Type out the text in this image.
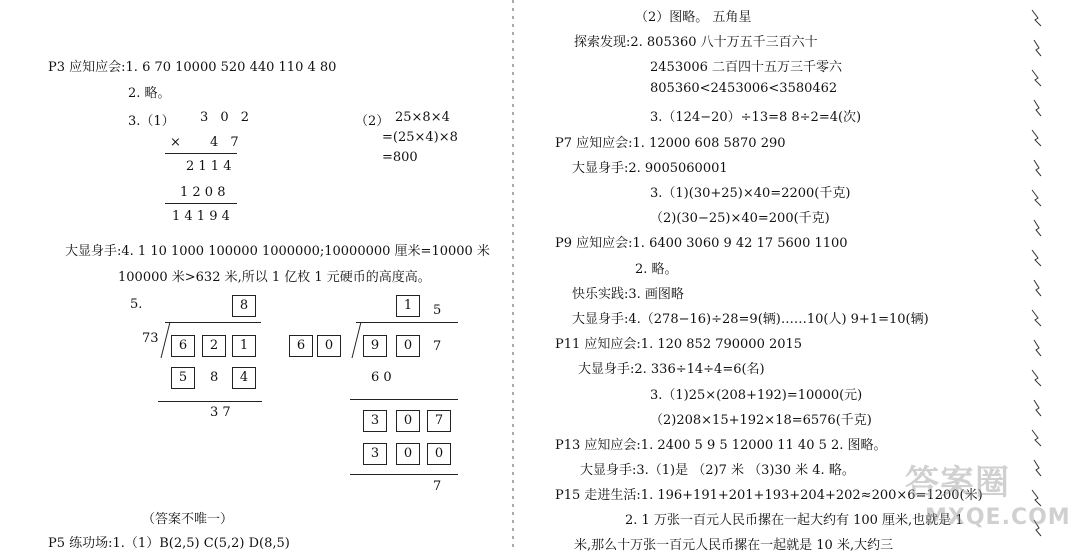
P3 应知应会:1. 6 70 10000 520 440 110 4 80
2. 略。
3.（1） 3 0 2
× 4 7
2 1 1 4
1 2 0 8
1 4 1 9 4
（2） 25×8×4
=(25×4)×8
=800
大显身手:4. 1 10 1000 100000 1000000;10000000 厘米=10000 米
100000 米>632 米,所以 1 亿枚 1 元硬币的高度高。
5.	8
73	6	2	1
5	8	4
3 7
1	5
6	0	9	0	7
6 0
3	0	7
3	0	0
7
（答案不唯一）
P5 练功场:1.（1）B(2,5) C(5,2) D(8,5)
（2）图略。 五角星
探索发现:2. 805360 八十万五千三百六十
2453006 二百四十五万三千零六
805360<2453006<3580462
3.（124−20）÷13=8 8÷2=4(次)
P7 应知应会:1. 12000 608 5870 290
大显身手:2. 9005060001
3.（1)(30+25)×40=2200(千克)
（2)(30−25)×40=200(千克)
P9 应知应会:1. 6400 3060 9 42 17 5600 1100
2. 略。
快乐实践:3. 画图略
大显身手:4.（278−16)÷28=9(辆)……10(人) 9+1=10(辆)
P11 应知应会:1. 120 852 790000 2015
大显身手:2. 336÷14÷4=6(名)
3.（1)25×(208+192)=10000(元)
（2)208×15+192×18=6576(千克)
P13 应知应会:1. 2400 5 9 5 12000 11 40 5 2. 图略。
大显身手:3.（1)是 （2)7 米 （3)30 米 4. 略。
P15 走进生活:1. 196+191+201+193+204+202≈200×6=1200(米)
2. 1 万张一百元人民币摞在一起大约有 100 厘米,也就是 1
米,那么十万张一百元人民币摞在一起就是 10 米,大约三
答案圈
MXQE.COM
